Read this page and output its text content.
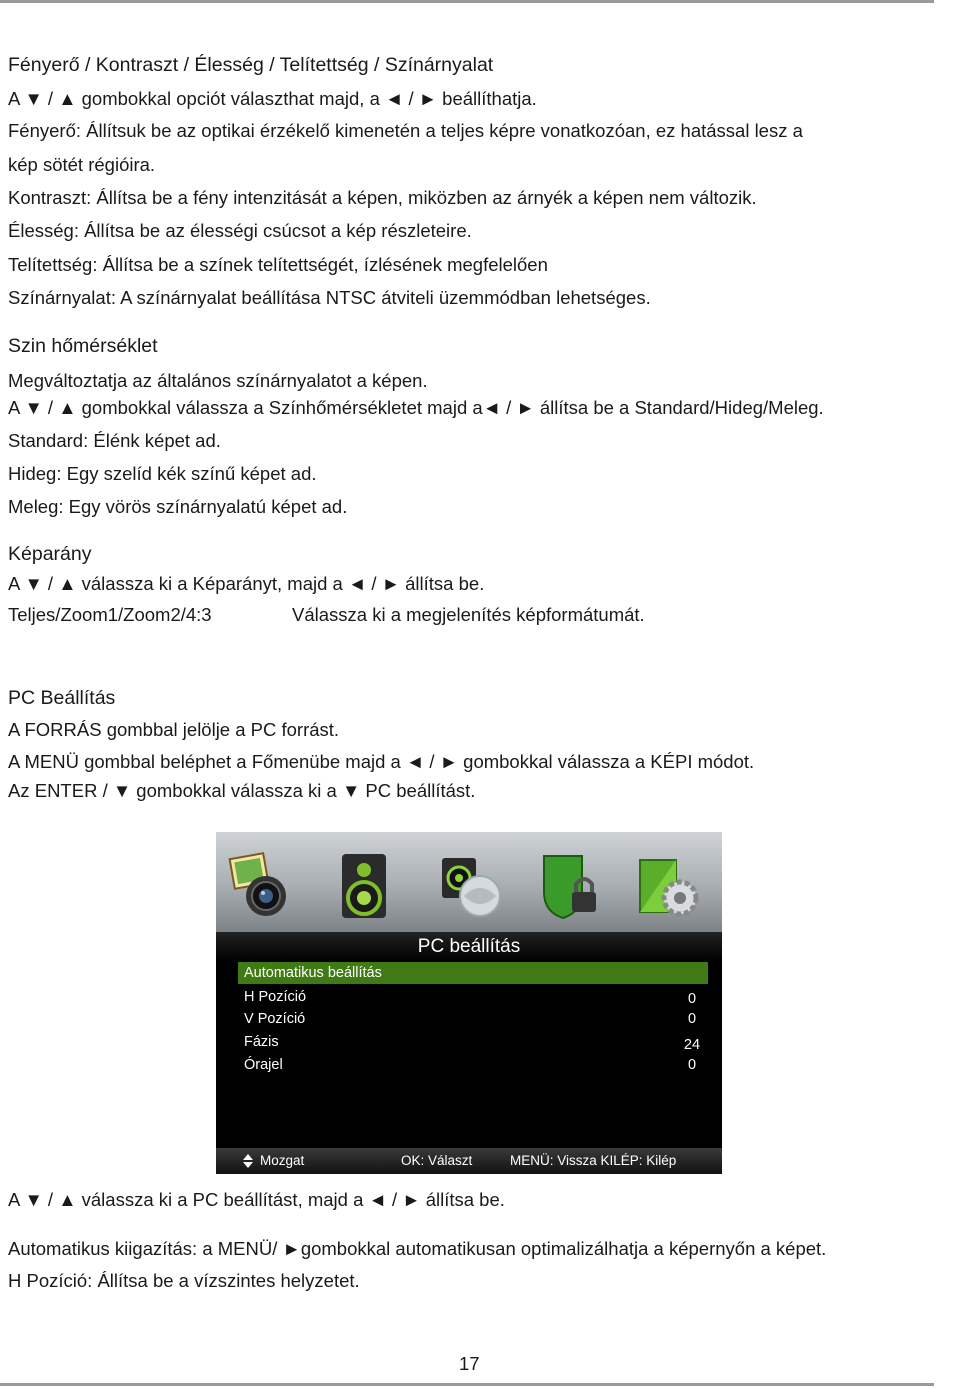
Fényerő / Kontraszt / Élesség / Telítettség / Színárnyalat
A ▼ / ▲ gombokkal opciót választhat majd, a ◄ / ► beállíthatja.
Fényerő: Állítsuk be az optikai érzékelő kimenetén a teljes képre vonatkozóan, ez hatással lesz a
kép sötét régióira.
Kontraszt: Állítsa be a fény intenzitását a képen, miközben az árnyék a képen nem változik.
Élesség: Állítsa be az élességi csúcsot a kép részleteire.
Telítettség: Állítsa be a színek telítettségét, ízlésének megfelelően
Színárnyalat: A színárnyalat beállítása NTSC átviteli üzemmódban lehetséges.
Szin hőmérséklet
Megváltoztatja az általános színárnyalatot a képen.
A ▼ / ▲ gombokkal válassza a Színhőmérsékletet majd a◄ / ► állítsa be a Standard/Hideg/Meleg.
Standard: Élénk képet ad.
Hideg: Egy szelíd kék színű képet ad.
Meleg: Egy vörös színárnyalatú képet ad.
Képarány
A ▼ / ▲ válassza ki a Képarányt, majd a ◄ / ► állítsa be.
Teljes/Zoom1/Zoom2/4:3	Válassza ki a megjelenítés képformátumát.
PC Beállítás
A FORRÁS gombbal jelölje a PC forrást.
A MENÜ gombbal beléphet a Főmenübe majd a ◄ / ► gombokkal válassza a KÉPI módot.
Az ENTER / ▼ gombokkal válassza ki a ▼ PC beállítást.
PC beállítás
Automatikus beállítás
H Pozíció	0
V Pozíció	0
Fázis	24
Órajel	0
Mozgat	OK: Választ	MENÜ: Vissza KILÉP: Kilép
A ▼ / ▲ válassza ki a PC beállítást, majd a ◄ / ► állítsa be.
Automatikus kiigazítás: a MENÜ/ ►gombokkal automatikusan optimalizálhatja a képernyőn a képet.
H Pozíció: Állítsa be a vízszintes helyzetet.
17
